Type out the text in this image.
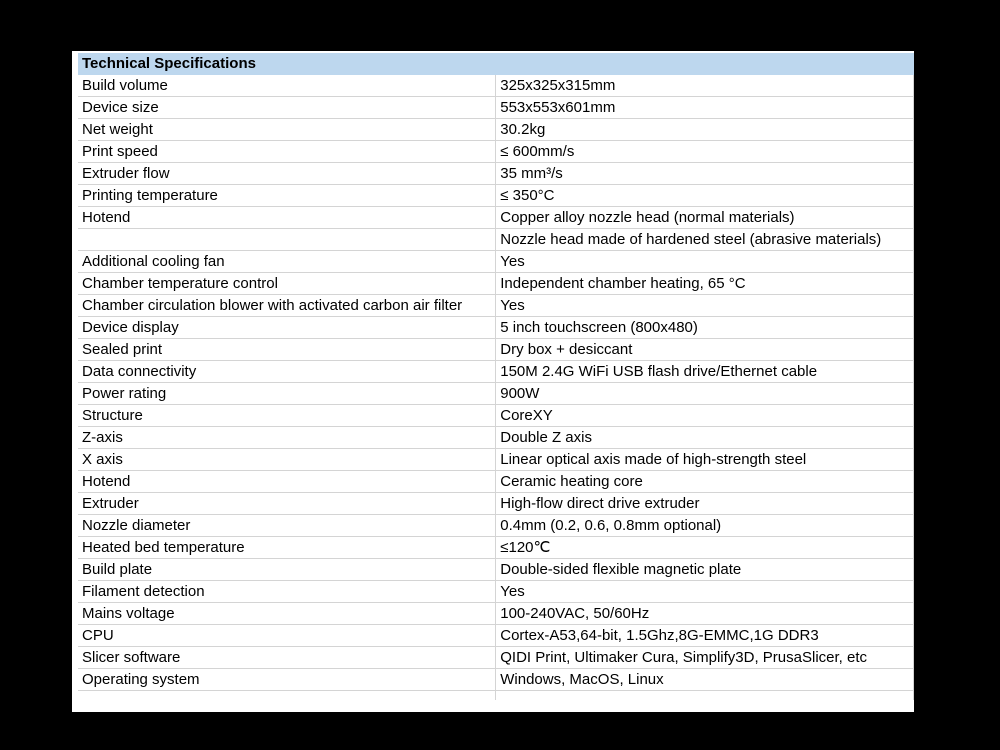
Technical Specifications	
Build volume	325x325x315mm
Device size	553x553x601mm
Net weight	30.2kg
Print speed	≤ 600mm/s
Extruder flow	35 mm³/s
Printing temperature	≤ 350°C
Hotend	Copper alloy nozzle head (normal materials)
	Nozzle head made of hardened steel (abrasive materials)
Additional cooling fan	Yes
Chamber temperature control	Independent chamber heating, 65 °C
Chamber circulation blower with activated carbon air filter	Yes
Device display	5 inch touchscreen (800x480)
Sealed print	Dry box + desiccant
Data connectivity	150M 2.4G WiFi USB flash drive/Ethernet cable
Power rating	900W
Structure	CoreXY
Z-axis	Double Z axis
X axis	Linear optical axis made of high-strength steel
Hotend	Ceramic heating core
Extruder	High-flow direct drive extruder
Nozzle diameter	0.4mm (0.2, 0.6, 0.8mm optional)
Heated bed temperature	≤120℃
Build plate	Double-sided flexible magnetic plate
Filament detection	Yes
Mains voltage	100-240VAC, 50/60Hz
CPU	Cortex-A53,64-bit, 1.5Ghz,8G-EMMC,1G DDR3
Slicer software	QIDI Print, Ultimaker Cura, Simplify3D, PrusaSlicer, etc
Operating system	Windows, MacOS, Linux
